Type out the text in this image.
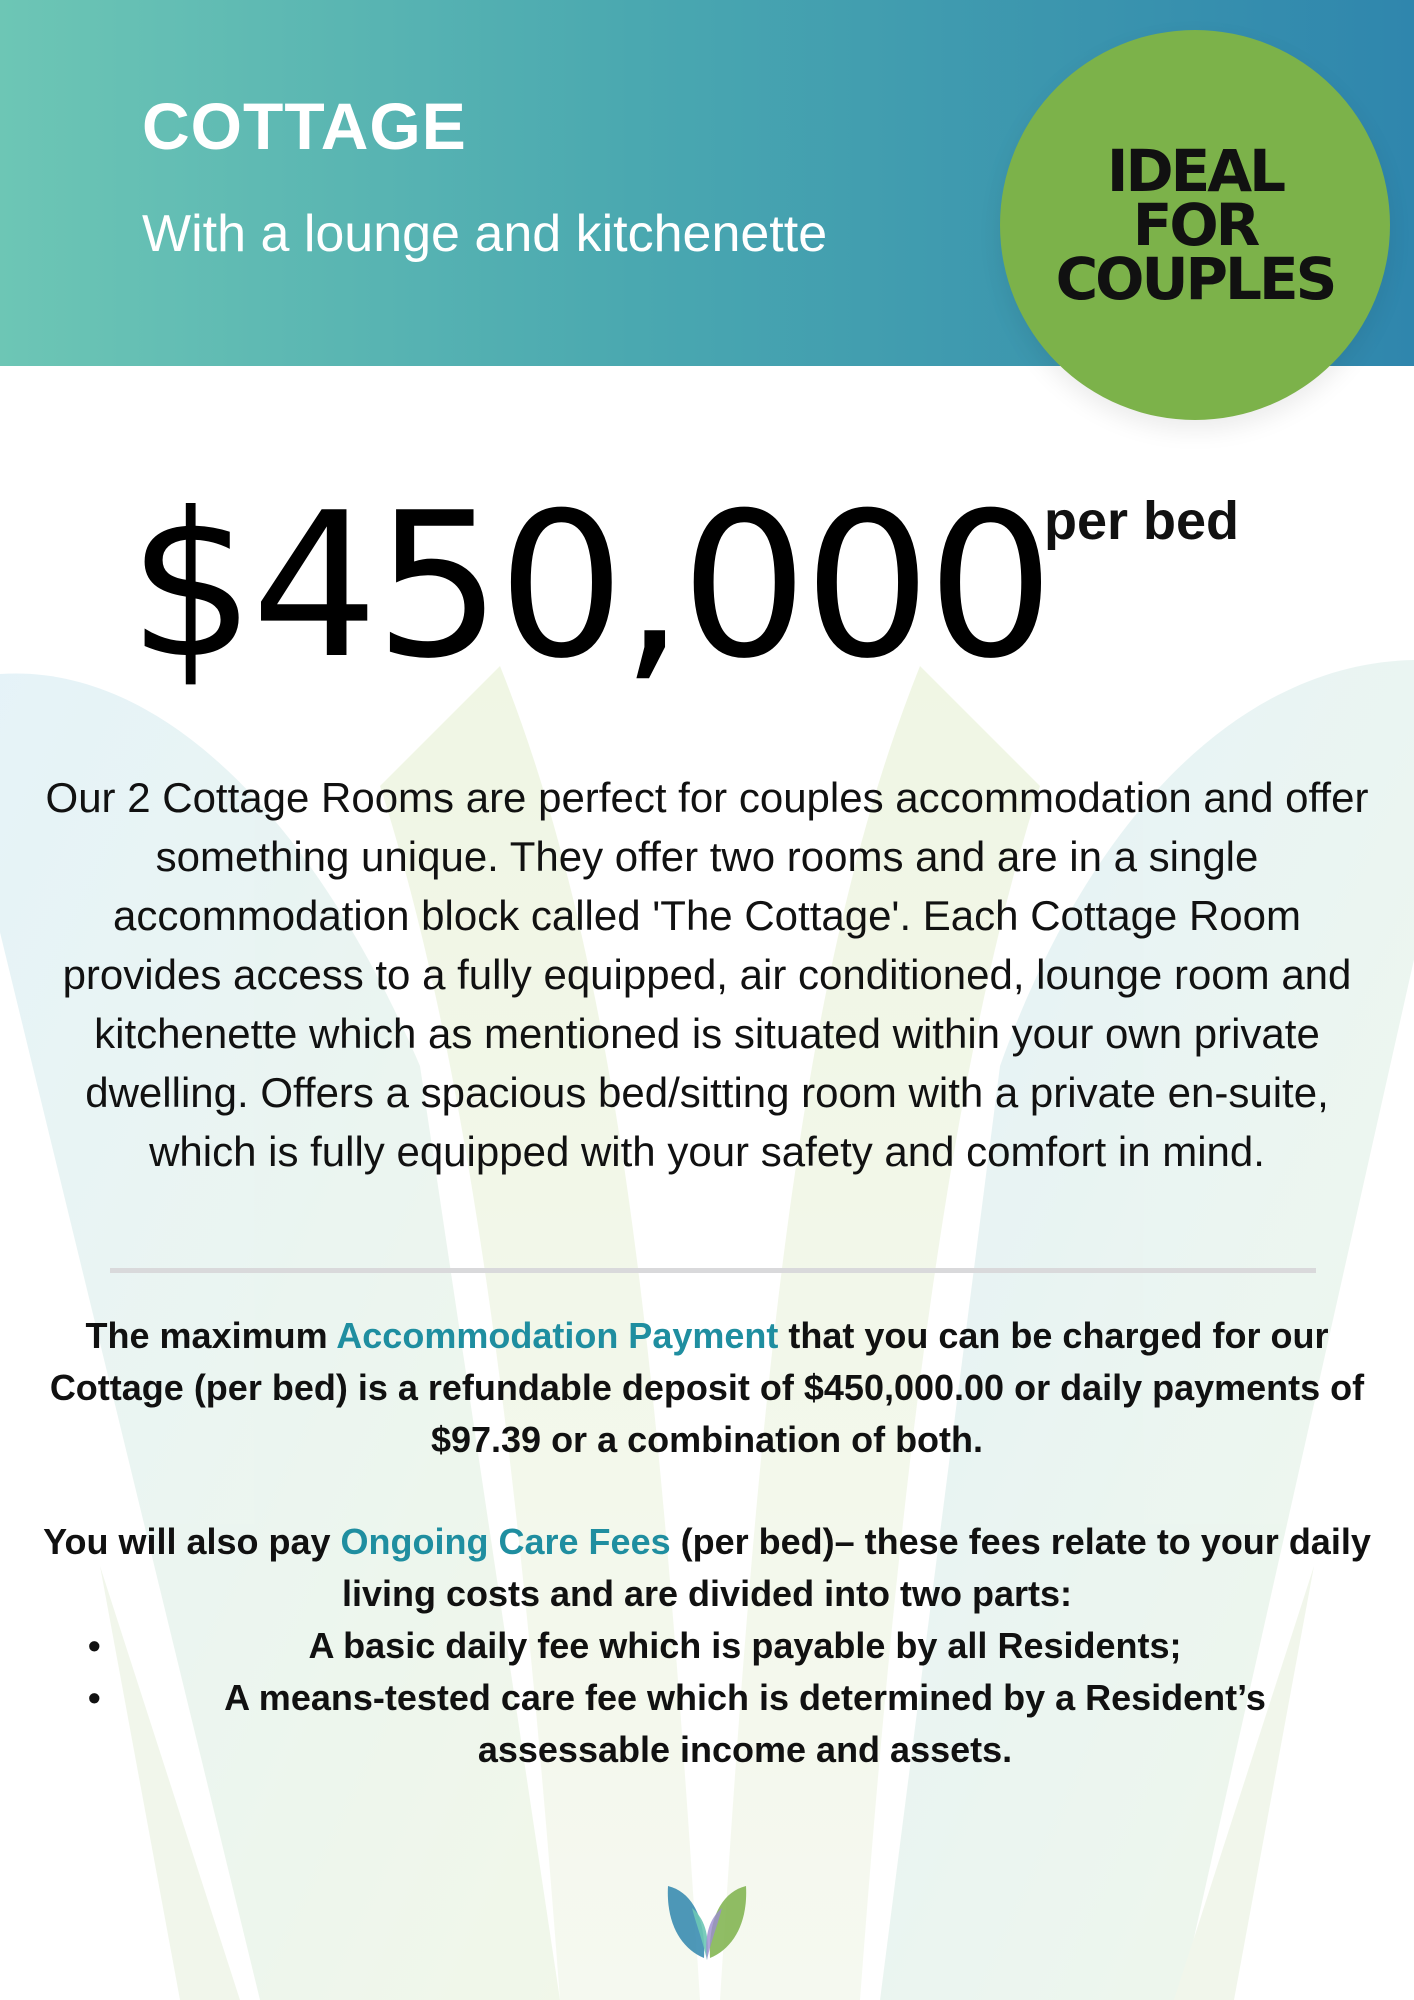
COTTAGE

With a lounge and kitchenette

IDEAL
FOR
COUPLES
$450,000
per bed

Our 2 Cottage Rooms are perfect for couples accommodation and offer something unique. They offer two rooms and are in a single accommodation block called 'The Cottage'. Each Cottage Room provides access to a fully equipped, air conditioned, lounge room and kitchenette which as mentioned is situated within your own private dwelling. Offers a spacious bed/sitting room with a private en-suite, which is fully equipped with your safety and comfort in mind.

The maximum Accommodation Payment that you can be charged for our Cottage (per bed) is a refundable deposit of $450,000.00 or daily payments of $97.39 or a combination of both.

You will also pay Ongoing Care Fees (per bed)– these fees relate to your daily living costs and are divided into two parts:

•	A basic daily fee which is payable by all Residents;
•	A means-tested care fee which is determined by a Resident’s assessable income and assets.
